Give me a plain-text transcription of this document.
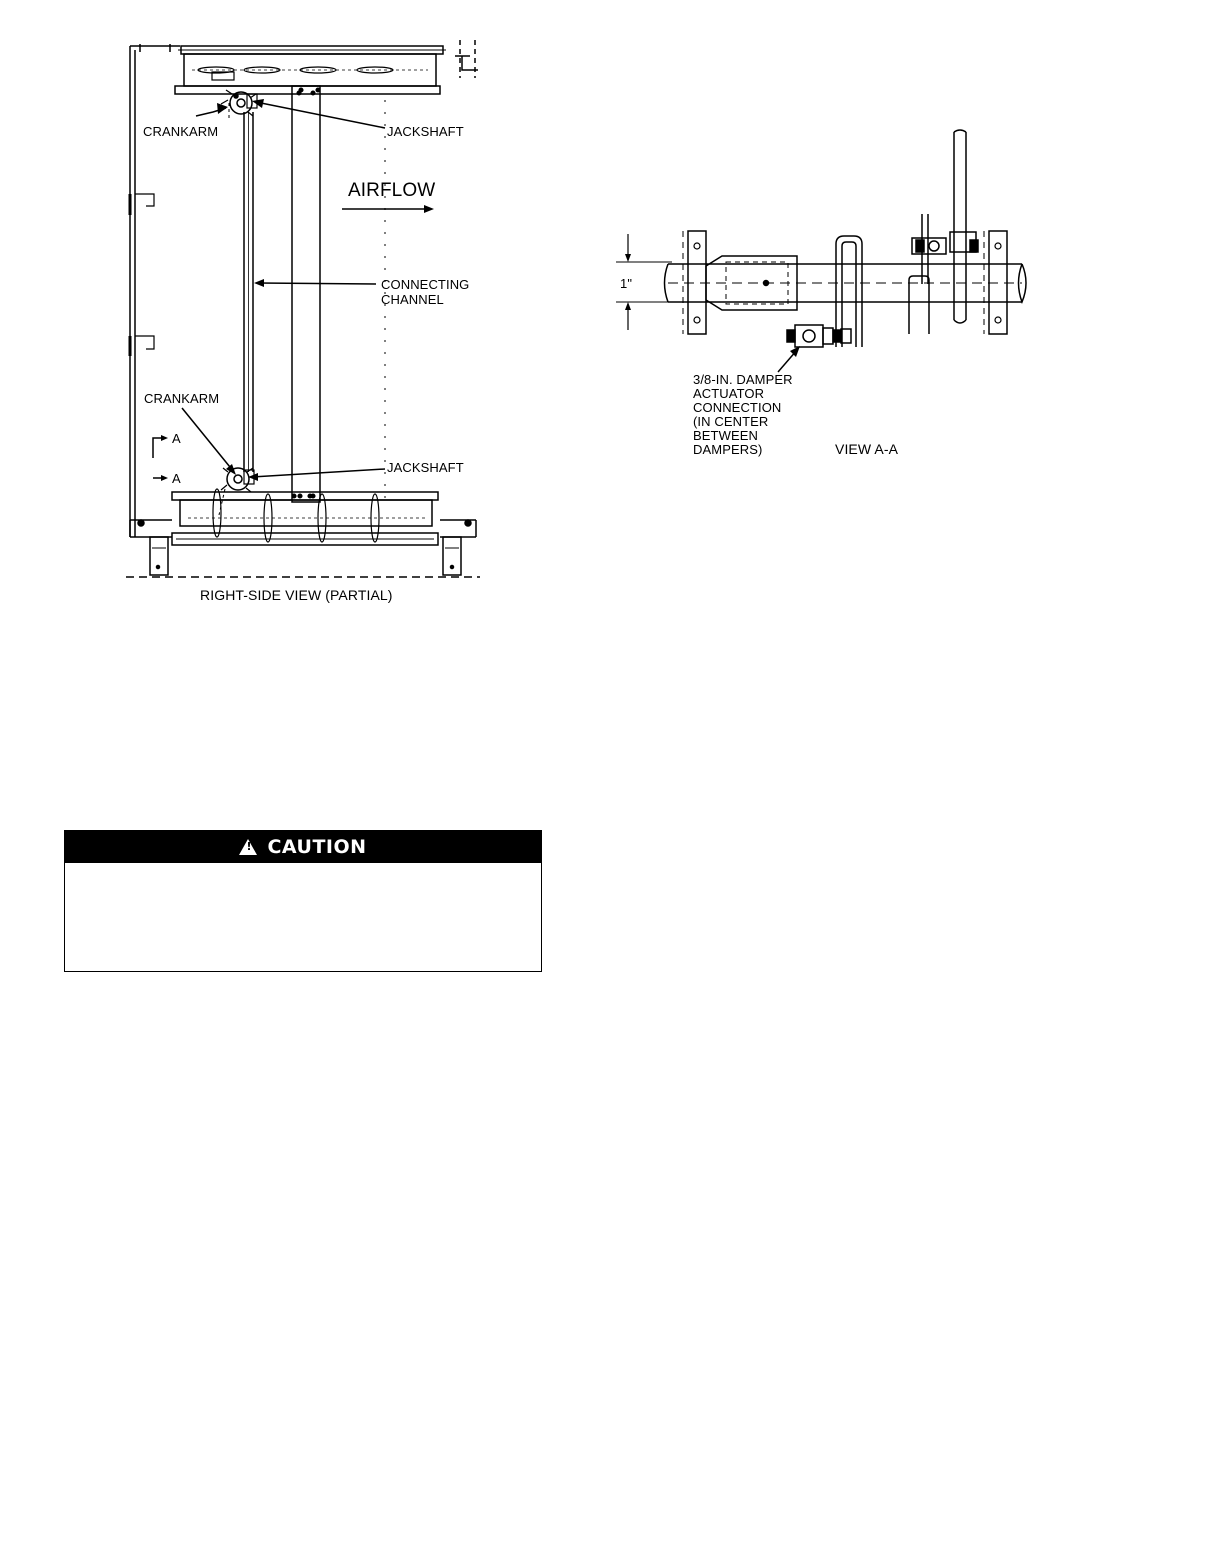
CRANKARM	JACKSHAFT
AIRFLOW
CONNECTING
CHANNEL
CRANKARM
JACKSHAFT
A
A
RIGHT-SIDE VIEW (PARTIAL)
1"
3/8-IN. DAMPER
ACTUATOR
CONNECTION
(IN CENTER
BETWEEN
DAMPERS)	VIEW A-A
!
CAUTION
